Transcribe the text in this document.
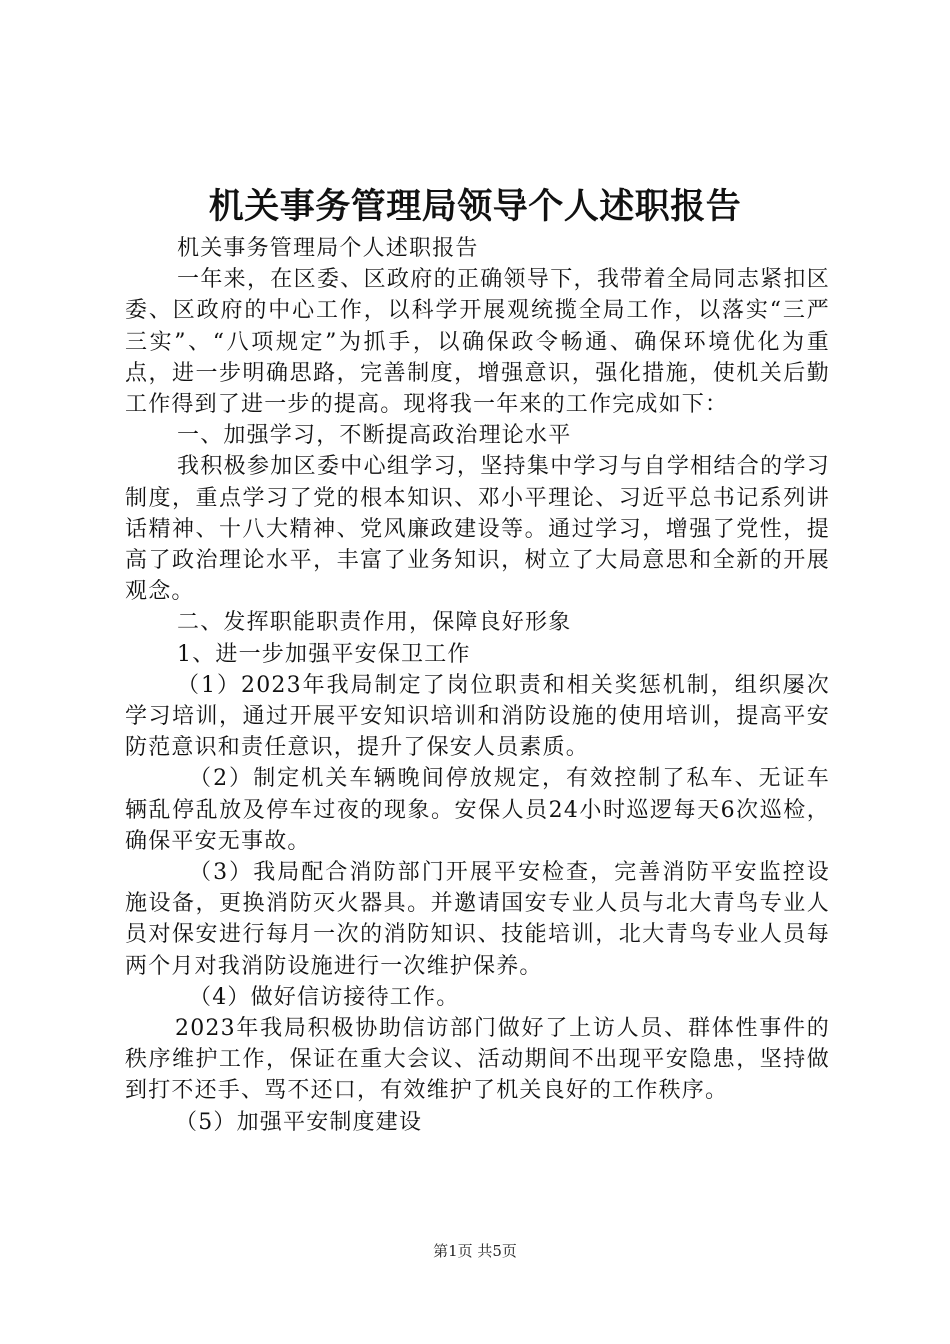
机关事务管理局领导个人述职报告

机关事务管理局个人述职报告

一年来，在区委、区政府的正确领导下，我带着全局同志紧扣区委、区政府的中心工作，以科学开展观统揽全局工作，以落实“三严三实”、“八项规定”为抓手，以确保政令畅通、确保环境优化为重点，进一步明确思路，完善制度，增强意识，强化措施，使机关后勤工作得到了进一步的提高。现将我一年来的工作完成如下：

一、加强学习，不断提高政治理论水平

我积极参加区委中心组学习，坚持集中学习与自学相结合的学习制度，重点学习了党的根本知识、邓小平理论、习近平总书记系列讲话精神、十八大精神、党风廉政建设等。通过学习，增强了党性，提高了政治理论水平，丰富了业务知识，树立了大局意思和全新的开展观念。

二、发挥职能职责作用，保障良好形象

1、进一步加强平安保卫工作

（1）2023年我局制定了岗位职责和相关奖惩机制，组织屡次学习培训，通过开展平安知识培训和消防设施的使用培训，提高平安防范意识和责任意识，提升了保安人员素质。

（2）制定机关车辆晚间停放规定，有效控制了私车、无证车辆乱停乱放及停车过夜的现象。安保人员24小时巡逻每天6次巡检，确保平安无事故。

（3）我局配合消防部门开展平安检查，完善消防平安监控设施设备，更换消防灭火器具。并邀请国安专业人员与北大青鸟专业人员对保安进行每月一次的消防知识、技能培训，北大青鸟专业人员每两个月对我消防设施进行一次维护保养。

（4）做好信访接待工作。

2023年我局积极协助信访部门做好了上访人员、群体性事件的秩序维护工作，保证在重大会议、活动期间不出现平安隐患，坚持做到打不还手、骂不还口，有效维护了机关良好的工作秩序。

（5）加强平安制度建设

第1页 共5页
